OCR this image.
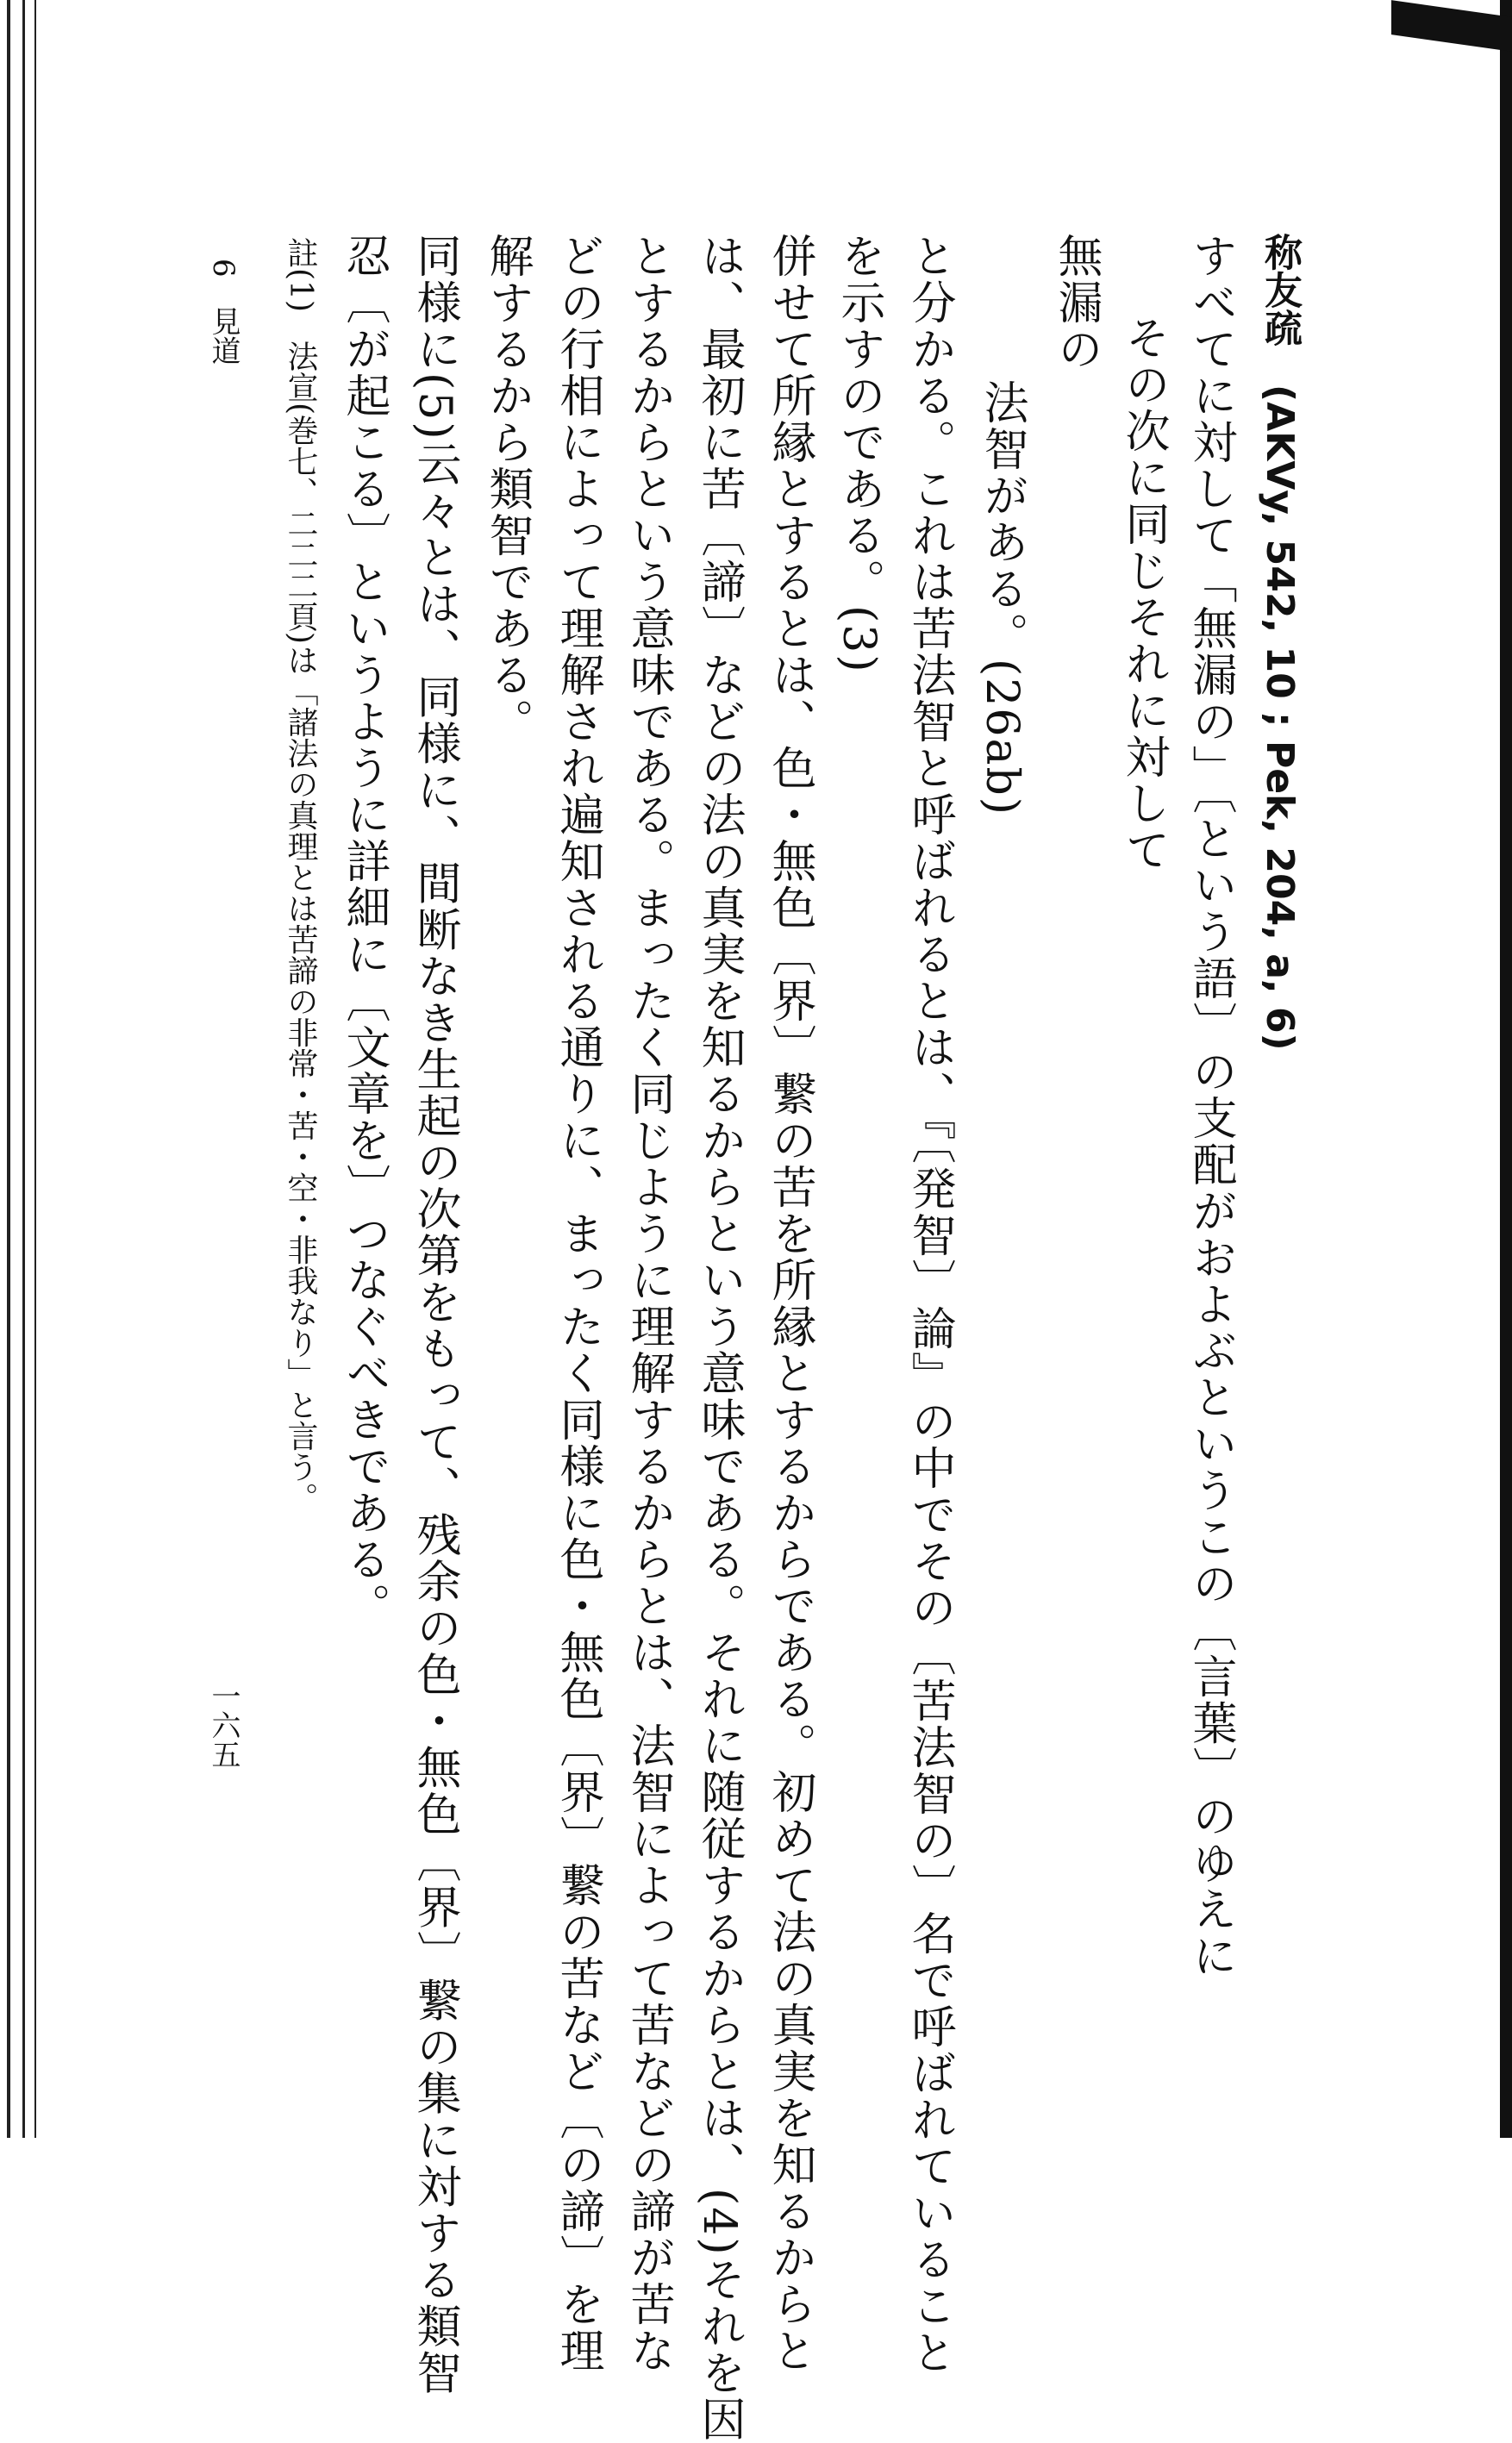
称友疏　(AKVy, 542, 10 ; Pek, 204, a, 6)
すべてに対して「無漏の」〔という語〕の支配がおよぶというこの〔言葉〕のゆえに
その次に同じそれに対して
無漏の
法智がある。(26ab)
と分かる。これは苦法智と呼ばれるとは、『〔発智〕論』の中でその〔苦法智の〕名で呼ばれていること
を示すのである。(3)
併せて所縁とするとは、色・無色〔界〕繋の苦を所縁とするからである。初めて法の真実を知るからと
は、最初に苦〔諦〕などの法の真実を知るからという意味である。それに随従するからとは、(4)それを因
とするからという意味である。まったく同じように理解するからとは、法智によって苦などの諦が苦な
どの行相によって理解され遍知される通りに、まったく同様に色・無色〔界〕繋の苦など〔の諦〕を理
解するから類智である。
同様に(5)云々とは、同様に、間断なき生起の次第をもって、残余の色・無色〔界〕繋の集に対する類智
忍〔が起こる〕というように詳細に〔文章を〕つなぐべきである。
註(1)
法宣(巻七、二二二頁)は「諸法の真理とは苦諦の非常・苦・空・非我なり」と言う。
6　見道
一六五
